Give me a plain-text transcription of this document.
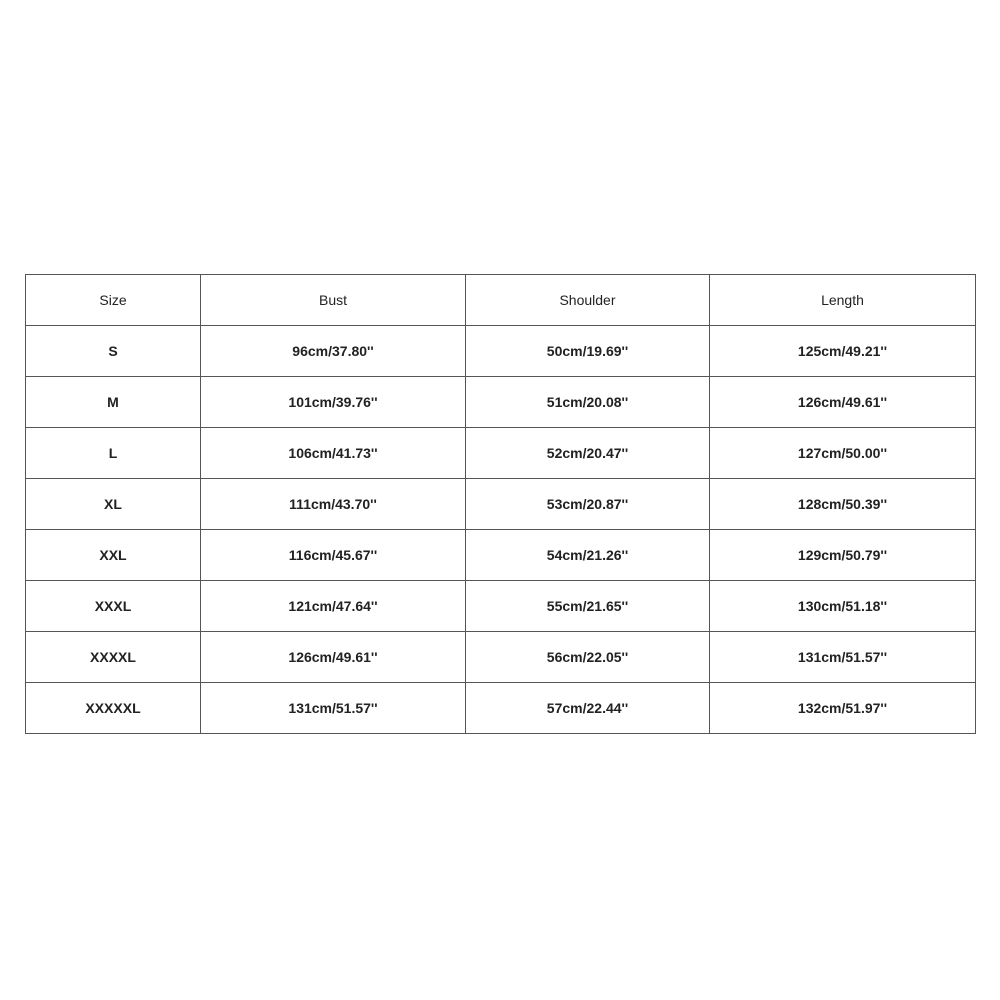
Size	Bust	Shoulder	Length
S	96cm/37.80''	50cm/19.69''	125cm/49.21''
M	101cm/39.76''	51cm/20.08''	126cm/49.61''
L	106cm/41.73''	52cm/20.47''	127cm/50.00''
XL	111cm/43.70''	53cm/20.87''	128cm/50.39''
XXL	116cm/45.67''	54cm/21.26''	129cm/50.79''
XXXL	121cm/47.64''	55cm/21.65''	130cm/51.18''
XXXXL	126cm/49.61''	56cm/22.05''	131cm/51.57''
XXXXXL	131cm/51.57''	57cm/22.44''	132cm/51.97''
